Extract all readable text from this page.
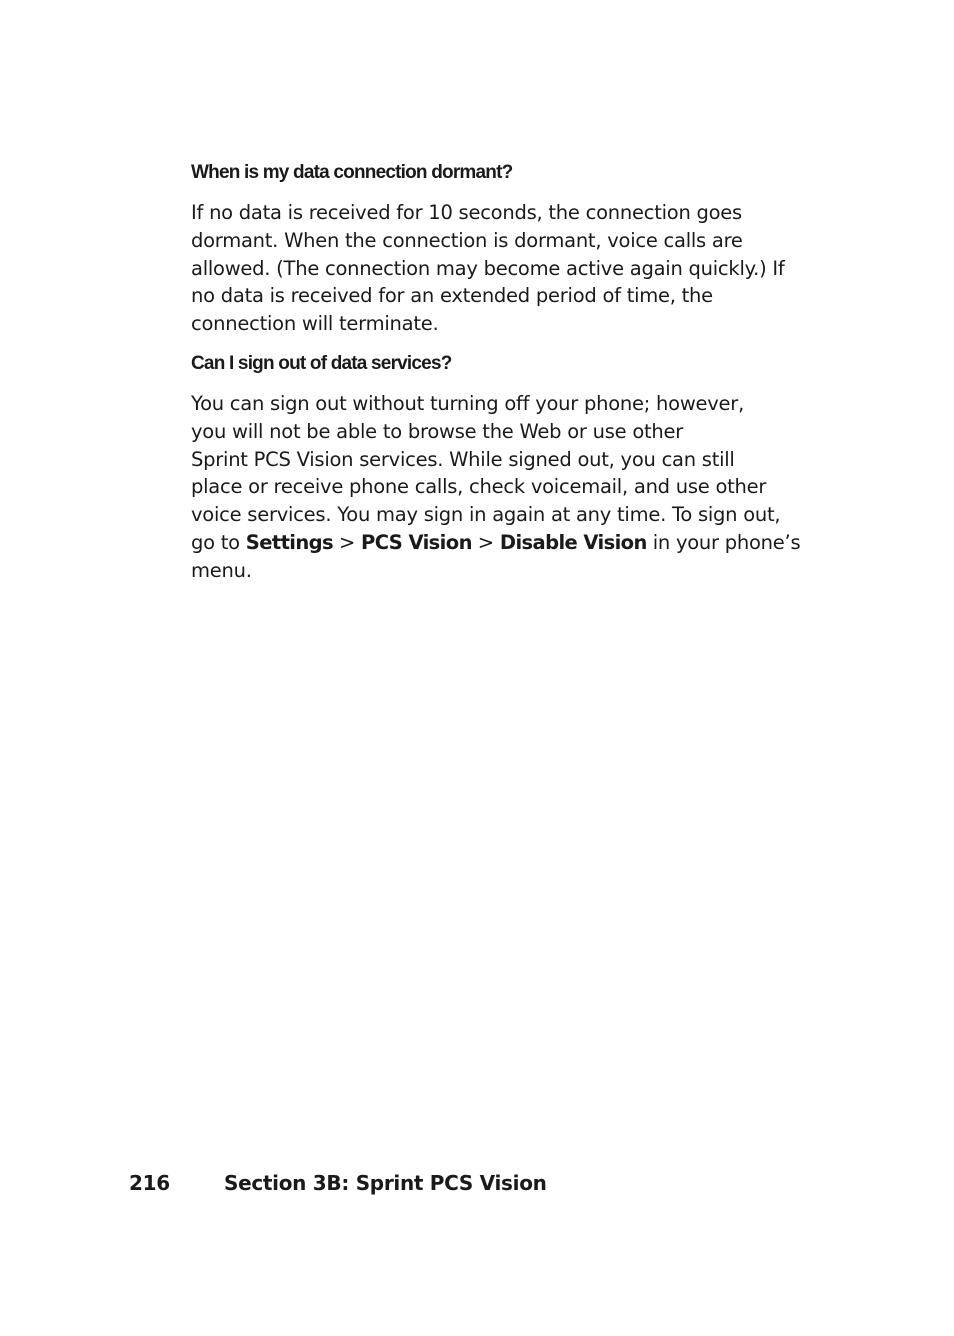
When is my data connection dormant?

If no data is received for 10 seconds, the connection goes
dormant. When the connection is dormant, voice calls are
allowed. (The connection may become active again quickly.) If
no data is received for an extended period of time, the
connection will terminate.

Can I sign out of data services?

You can sign out without turning off your phone; however,
you will not be able to browse the Web or use other
Sprint PCS Vision services. While signed out, you can still
place or receive phone calls, check voicemail, and use other
voice services. You may sign in again at any time. To sign out,
go to Settings > PCS Vision > Disable Vision in your phone’s
menu.

216	Section 3B: Sprint PCS Vision
